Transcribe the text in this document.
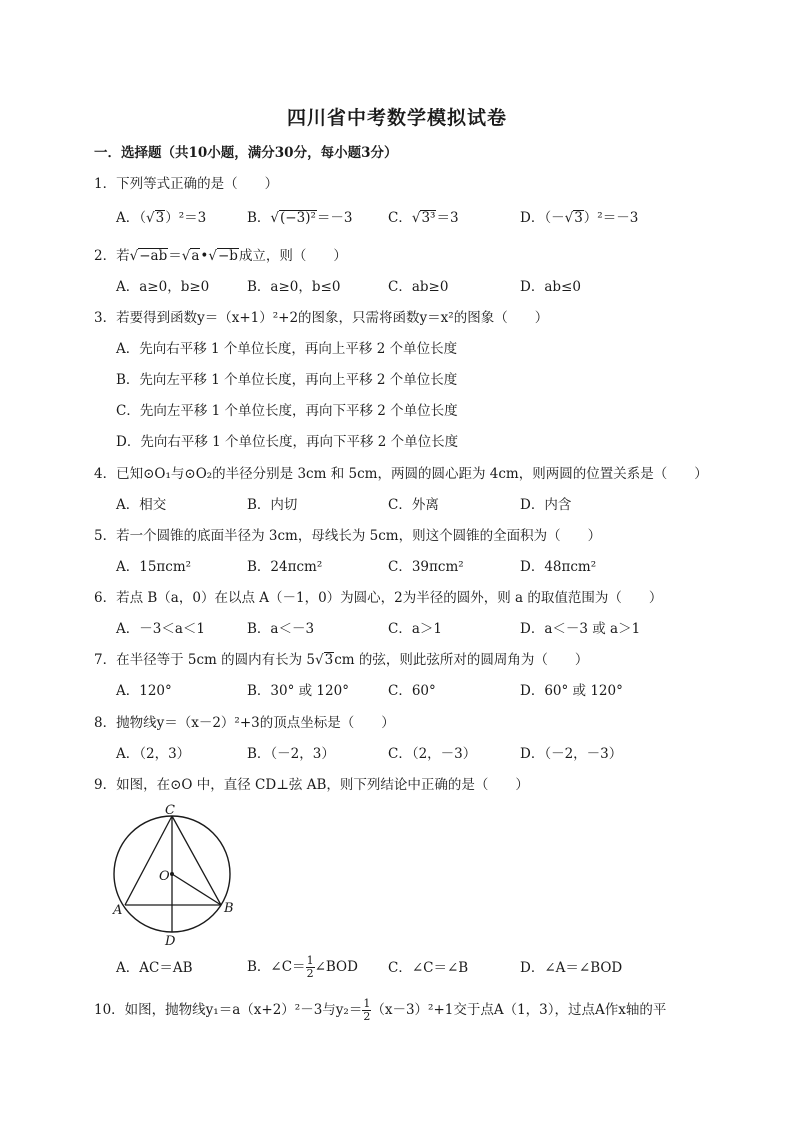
四川省中考数学模拟试卷
一．选择题（共10小题，满分30分，每小题3分）
1．下列等式正确的是（　　）
A．（√3）²＝3	B．√(−3)²＝－3	C．√3³＝3	D．（－√3）²＝－3
2．若√−ab＝√a•√−b成立，则（　　）
A．a≥0，b≥0	B．a≥0，b≤0	C．ab≥0	D．ab≤0
3．若要得到函数y＝（x+1）²+2的图象，只需将函数y＝x²的图象（　　）
A．先向右平移 1 个单位长度，再向上平移 2 个单位长度
B．先向左平移 1 个单位长度，再向上平移 2 个单位长度
C．先向左平移 1 个单位长度，再向下平移 2 个单位长度
D．先向右平移 1 个单位长度，再向下平移 2 个单位长度
4．已知⊙O₁与⊙O₂的半径分别是 3cm 和 5cm，两圆的圆心距为 4cm，则两圆的位置关系是（　　）
A．相交	B．内切	C．外离	D．内含
5．若一个圆锥的底面半径为 3cm，母线长为 5cm，则这个圆锥的全面积为（　　）
A．15πcm²	B．24πcm²	C．39πcm²	D．48πcm²
6．若点 B（a，0）在以点 A（－1，0）为圆心，2为半径的圆外，则 a 的取值范围为（　　）
A．－3＜a＜1	B．a＜－3	C．a＞1	D．a＜－3 或 a＞1
7．在半径等于 5cm 的圆内有长为 5√3cm 的弦，则此弦所对的圆周角为（　　）
A．120°	B．30° 或 120°	C．60°	D．60° 或 120°
8．抛物线y＝（x－2）²+3的顶点坐标是（　　）
A．（2，3）	B．（－2，3）	C．（2，－3）	D．（－2，－3）
9．如图，在⊙O 中，直径 CD⊥弦 AB，则下列结论中正确的是（　　）
C
O
A	B
D
A．AC＝AB	B．∠C＝ $\frac{1}{2}$ ∠BOD C．∠C＝∠B	D．∠A＝∠BOD
10．如图，抛物线y₁＝a（x+2）²－3与$y_2= \frac{1}{2} (x-3)^2+1$交于点A（1，3），过点A作x轴的平
